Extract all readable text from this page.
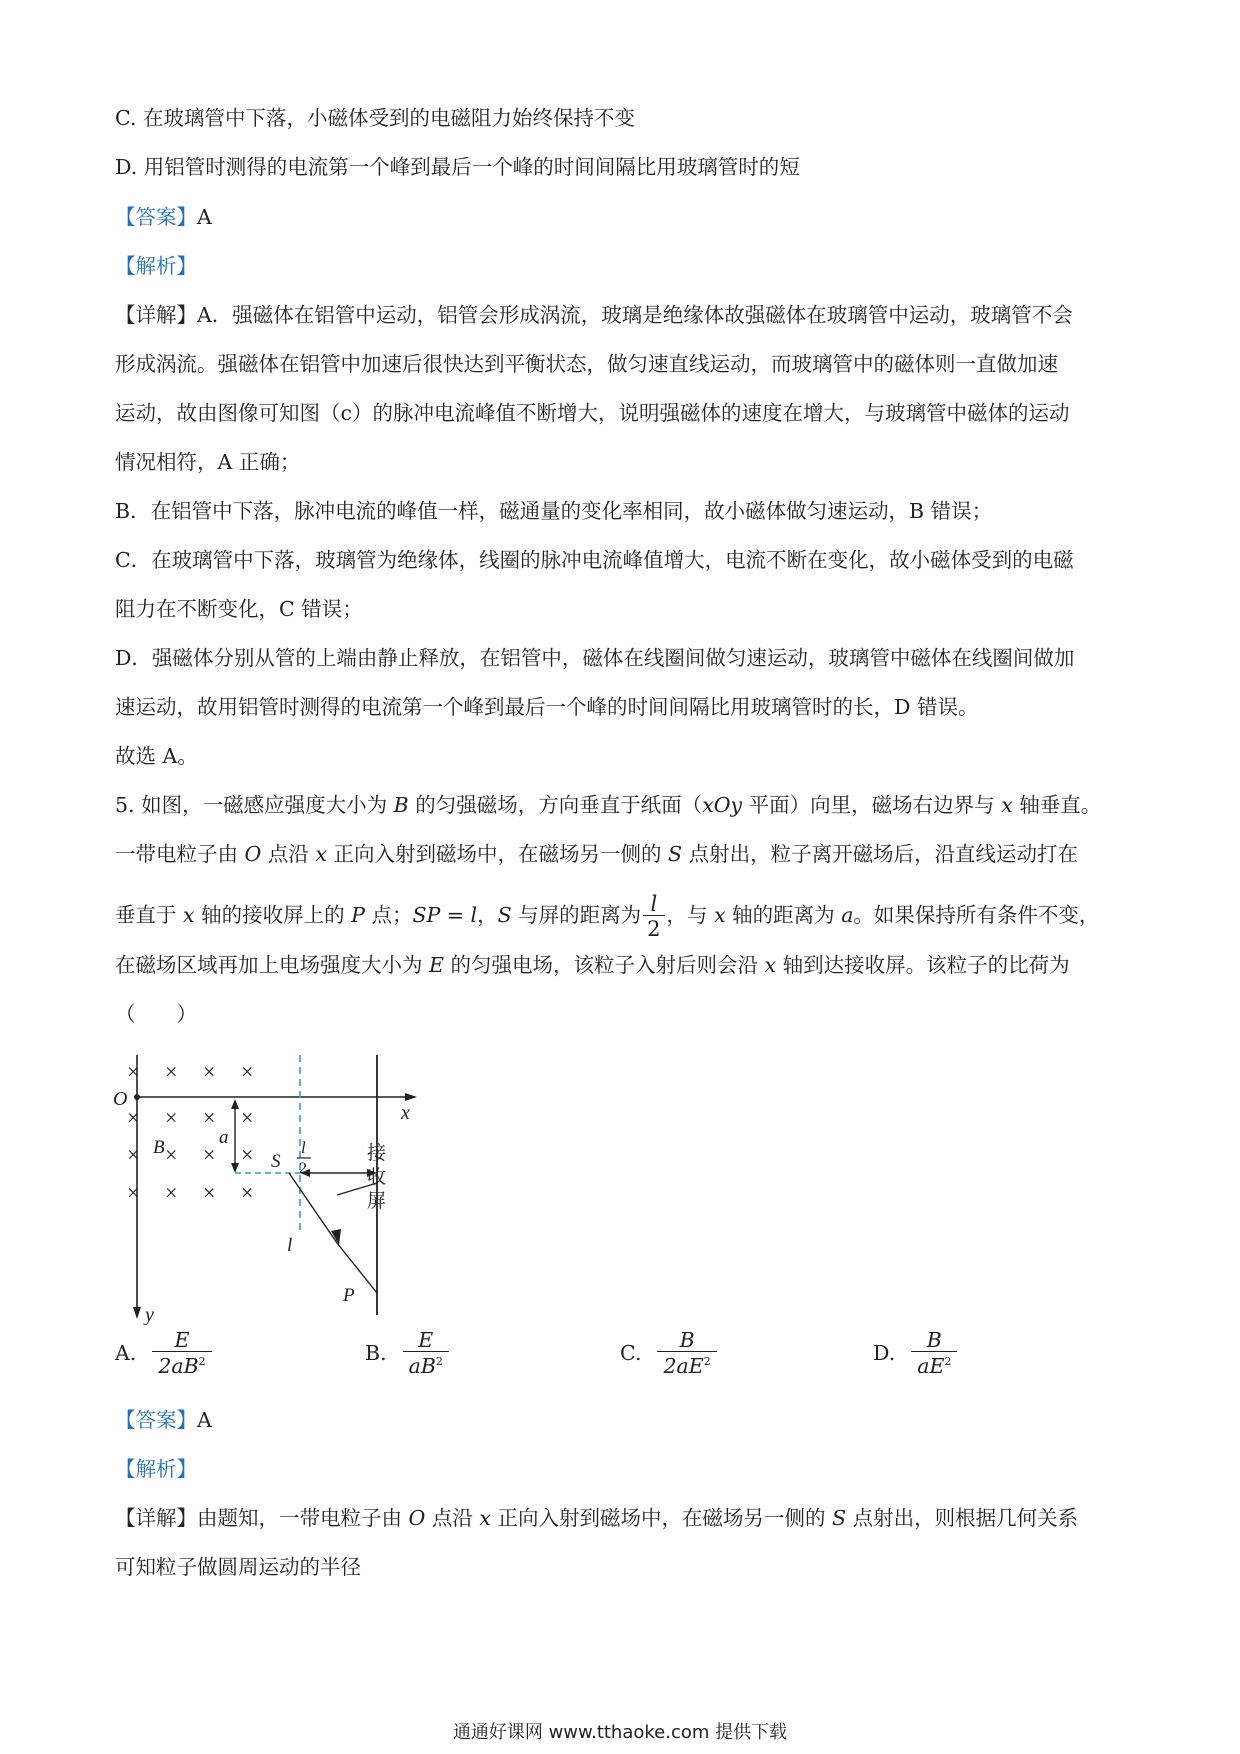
C. 在玻璃管中下落，小磁体受到的电磁阻力始终保持不变
D. 用铝管时测得的电流第一个峰到最后一个峰的时间间隔比用玻璃管时的短
【答案】A
【解析】
【详解】A．强磁体在铝管中运动，铝管会形成涡流，玻璃是绝缘体故强磁体在玻璃管中运动，玻璃管不会
形成涡流。强磁体在铝管中加速后很快达到平衡状态，做匀速直线运动，而玻璃管中的磁体则一直做加速
运动，故由图像可知图（c）的脉冲电流峰值不断增大，说明强磁体的速度在增大，与玻璃管中磁体的运动
情况相符，A 正确；
B．在铝管中下落，脉冲电流的峰值一样，磁通量的变化率相同，故小磁体做匀速运动，B 错误；
C．在玻璃管中下落，玻璃管为绝缘体，线圈的脉冲电流峰值增大，电流不断在变化，故小磁体受到的电磁
阻力在不断变化，C 错误；
D．强磁体分别从管的上端由静止释放，在铝管中，磁体在线圈间做匀速运动，玻璃管中磁体在线圈间做加
速运动，故用铝管时测得的电流第一个峰到最后一个峰的时间间隔比用玻璃管时的长，D 错误。
故选 A。
5. 如图，一磁感应强度大小为 B 的匀强磁场，方向垂直于纸面（xOy 平面）向里，磁场右边界与 x 轴垂直。
一带电粒子由 O 点沿 x 正向入射到磁场中，在磁场另一侧的 S 点射出，粒子离开磁场后，沿直线运动打在
垂直于 x 轴的接收屏上的 P 点；SP = l，S 与屏的距离为 $\frac{l}{2}$ ，与 x 轴的距离为 a。如果保持所有条件不变，
在磁场区域再加上电场强度大小为 E 的匀强电场，该粒子入射后则会沿 x 轴到达接收屏。该粒子的比荷为
（　　）
O
x
y
× × × ×
× × × ×
× × × ×
× × × ×
B	a
S
l
2
l
P
接
收
屏
A. $\frac{E}{2aB^2}$	B. $\frac{E}{aB^2}$	C. $\frac{B}{2aE^2}$	D. $\frac{B}{aE^2}$
【答案】A
【解析】
【详解】由题知，一带电粒子由 O 点沿 x 正向入射到磁场中，在磁场另一侧的 S 点射出，则根据几何关系
可知粒子做圆周运动的半径
通通好课网 www.tthaoke.com 提供下载
